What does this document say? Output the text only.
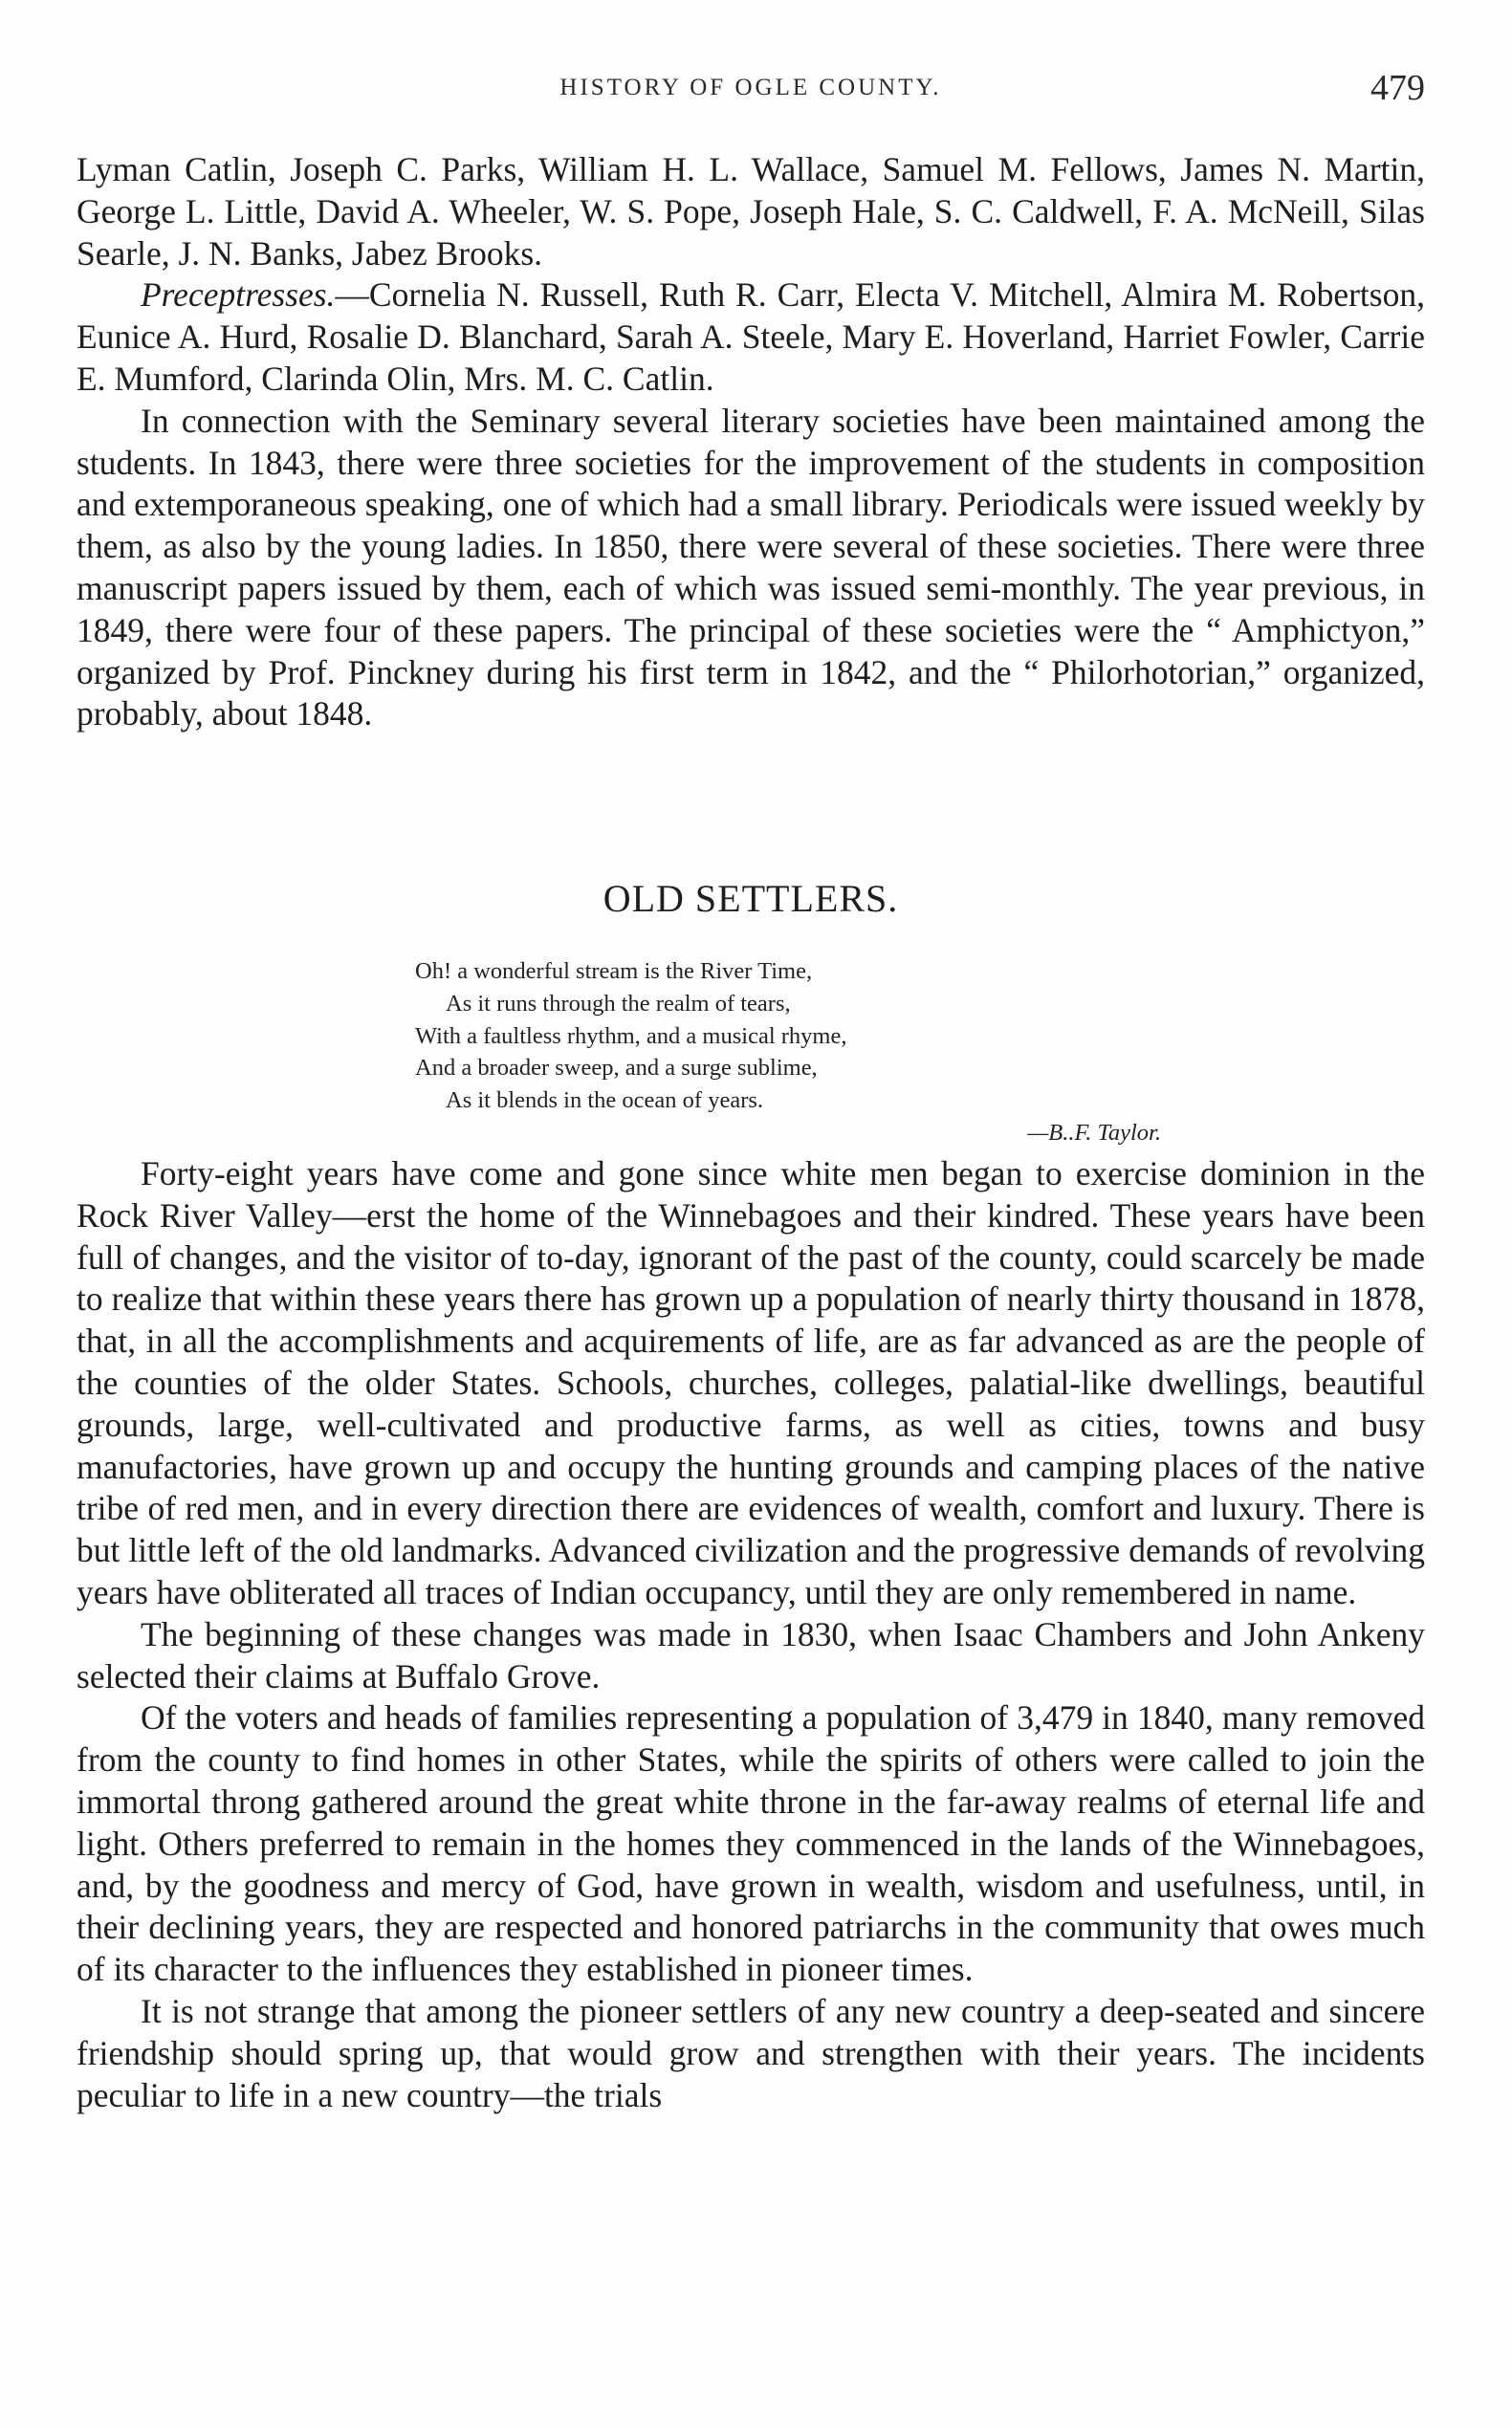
HISTORY OF OGLE COUNTY.	479

Lyman Catlin, Joseph C. Parks, William H. L. Wallace, Samuel M. Fellows, James N. Martin, George L. Little, David A. Wheeler, W. S. Pope, Joseph Hale, S. C. Caldwell, F. A. McNeill, Silas Searle, J. N. Banks, Jabez Brooks.

Preceptresses.—Cornelia N. Russell, Ruth R. Carr, Electa V. Mitchell, Almira M. Robertson, Eunice A. Hurd, Rosalie D. Blanchard, Sarah A. Steele, Mary E. Hoverland, Harriet Fowler, Carrie E. Mumford, Clarinda Olin, Mrs. M. C. Catlin.

In connection with the Seminary several literary societies have been maintained among the students. In 1843, there were three societies for the improvement of the students in composition and extemporaneous speaking, one of which had a small library. Periodicals were issued weekly by them, as also by the young ladies. In 1850, there were several of these societies. There were three manuscript papers issued by them, each of which was issued semi-monthly. The year previous, in 1849, there were four of these papers. The principal of these societies were the “ Amphictyon,” organized by Prof. Pinckney during his first term in 1842, and the “ Philorhotorian,” organized, probably, about 1848.

OLD SETTLERS.
Oh! a wonderful stream is the River Time,
As it runs through the realm of tears,
With a faultless rhythm, and a musical rhyme,
And a broader sweep, and a surge sublime,
As it blends in the ocean of years.
—B..F. Taylor.

Forty-eight years have come and gone since white men began to exercise dominion in the Rock River Valley—erst the home of the Winnebagoes and their kindred. These years have been full of changes, and the visitor of to-day, ignorant of the past of the county, could scarcely be made to realize that within these years there has grown up a population of nearly thirty thousand in 1878, that, in all the accomplishments and acquirements of life, are as far advanced as are the people of the counties of the older States. Schools, churches, colleges, palatial-like dwellings, beautiful grounds, large, well-cultivated and productive farms, as well as cities, towns and busy manufactories, have grown up and occupy the hunting grounds and camping places of the native tribe of red men, and in every direction there are evidences of wealth, comfort and luxury. There is but little left of the old landmarks. Advanced civilization and the progressive demands of revolving years have obliterated all traces of Indian occupancy, until they are only remembered in name.

The beginning of these changes was made in 1830, when Isaac Chambers and John Ankeny selected their claims at Buffalo Grove.

Of the voters and heads of families representing a population of 3,479 in 1840, many removed from the county to find homes in other States, while the spirits of others were called to join the immortal throng gathered around the great white throne in the far-away realms of eternal life and light. Others preferred to remain in the homes they commenced in the lands of the Winnebagoes, and, by the goodness and mercy of God, have grown in wealth, wisdom and usefulness, until, in their declining years, they are respected and honored patriarchs in the community that owes much of its character to the influences they established in pioneer times.

It is not strange that among the pioneer settlers of any new country a deep-seated and sincere friendship should spring up, that would grow and strengthen with their years. The incidents peculiar to life in a new country—the trials
